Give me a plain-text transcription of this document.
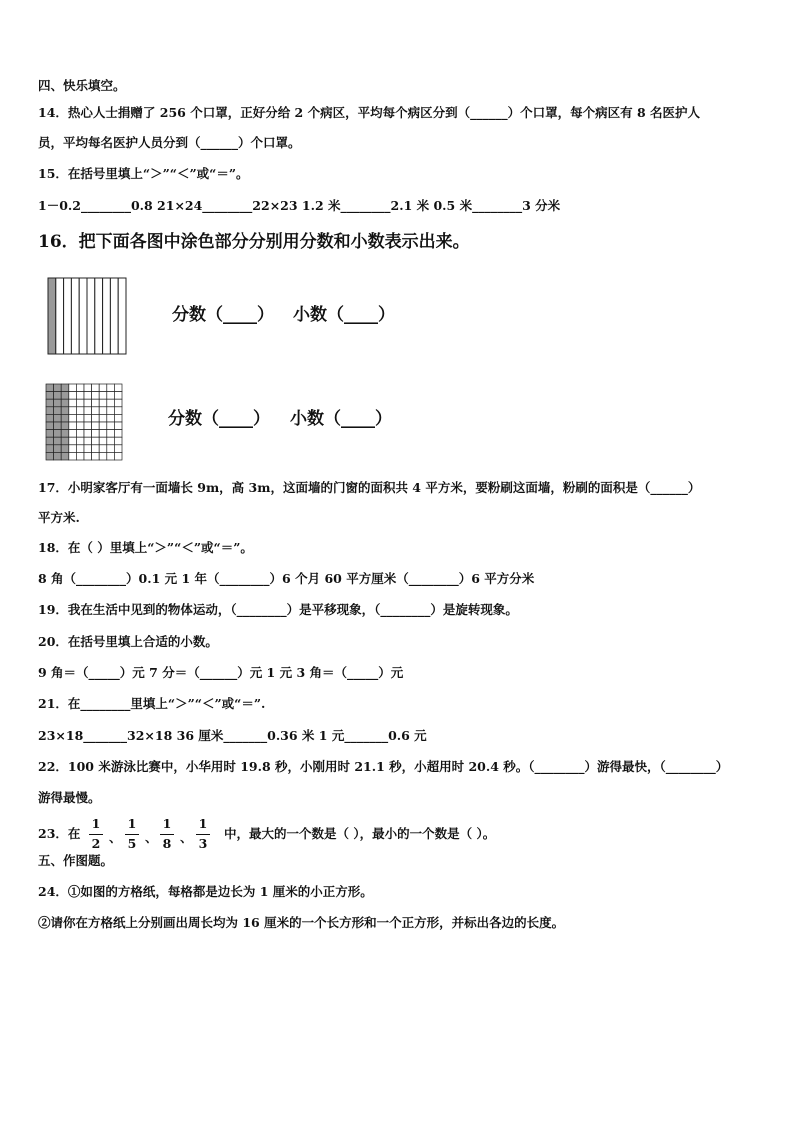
四、快乐填空。
14．热心人士捐赠了 256 个口罩，正好分给 2 个病区，平均每个病区分到（______）个口罩，每个病区有 8 名医护人
员，平均每名医护人员分到（______）个口罩。
15．在括号里填上“＞”“＜”或“＝”。
1－0.2________0.8 21×24________22×23 1.2 米________2.1 米 0.5 米________3 分米
16．把下面各图中涂色部分分别用分数和小数表示出来。
分数（____） 小数（____）
分数（____） 小数（____）
17．小明家客厅有一面墙长 9m，高 3m，这面墙的门窗的面积共 4 平方米，要粉刷这面墙，粉刷的面积是（______）
平方米.
18．在（ ）里填上“＞”“＜”或“＝”。
8 角（________）0.1 元 1 年（________）6 个月 60 平方厘米（________）6 平方分米
19．我在生活中见到的物体运动，（________）是平移现象，（________）是旋转现象。
20．在括号里填上合适的小数。
9 角＝（_____）元 7 分＝（______）元 1 元 3 角＝（_____）元
21．在________里填上“＞”“＜”或“＝”.
23×18_______32×18 36 厘米_______0.36 米 1 元_______0.6 元
22．100 米游泳比赛中，小华用时 19.8 秒，小刚用时 21.1 秒，小超用时 20.4 秒。（________）游得最快，（________）
游得最慢。
23．在
1
2 、
1
5 、
1
8 、
1
3
中，最大的一个数是（ ），最小的一个数是（ ）。
五、作图题。
24．①如图的方格纸，每格都是边长为 1 厘米的小正方形。
②请你在方格纸上分别画出周长均为 16 厘米的一个长方形和一个正方形，并标出各边的长度。
